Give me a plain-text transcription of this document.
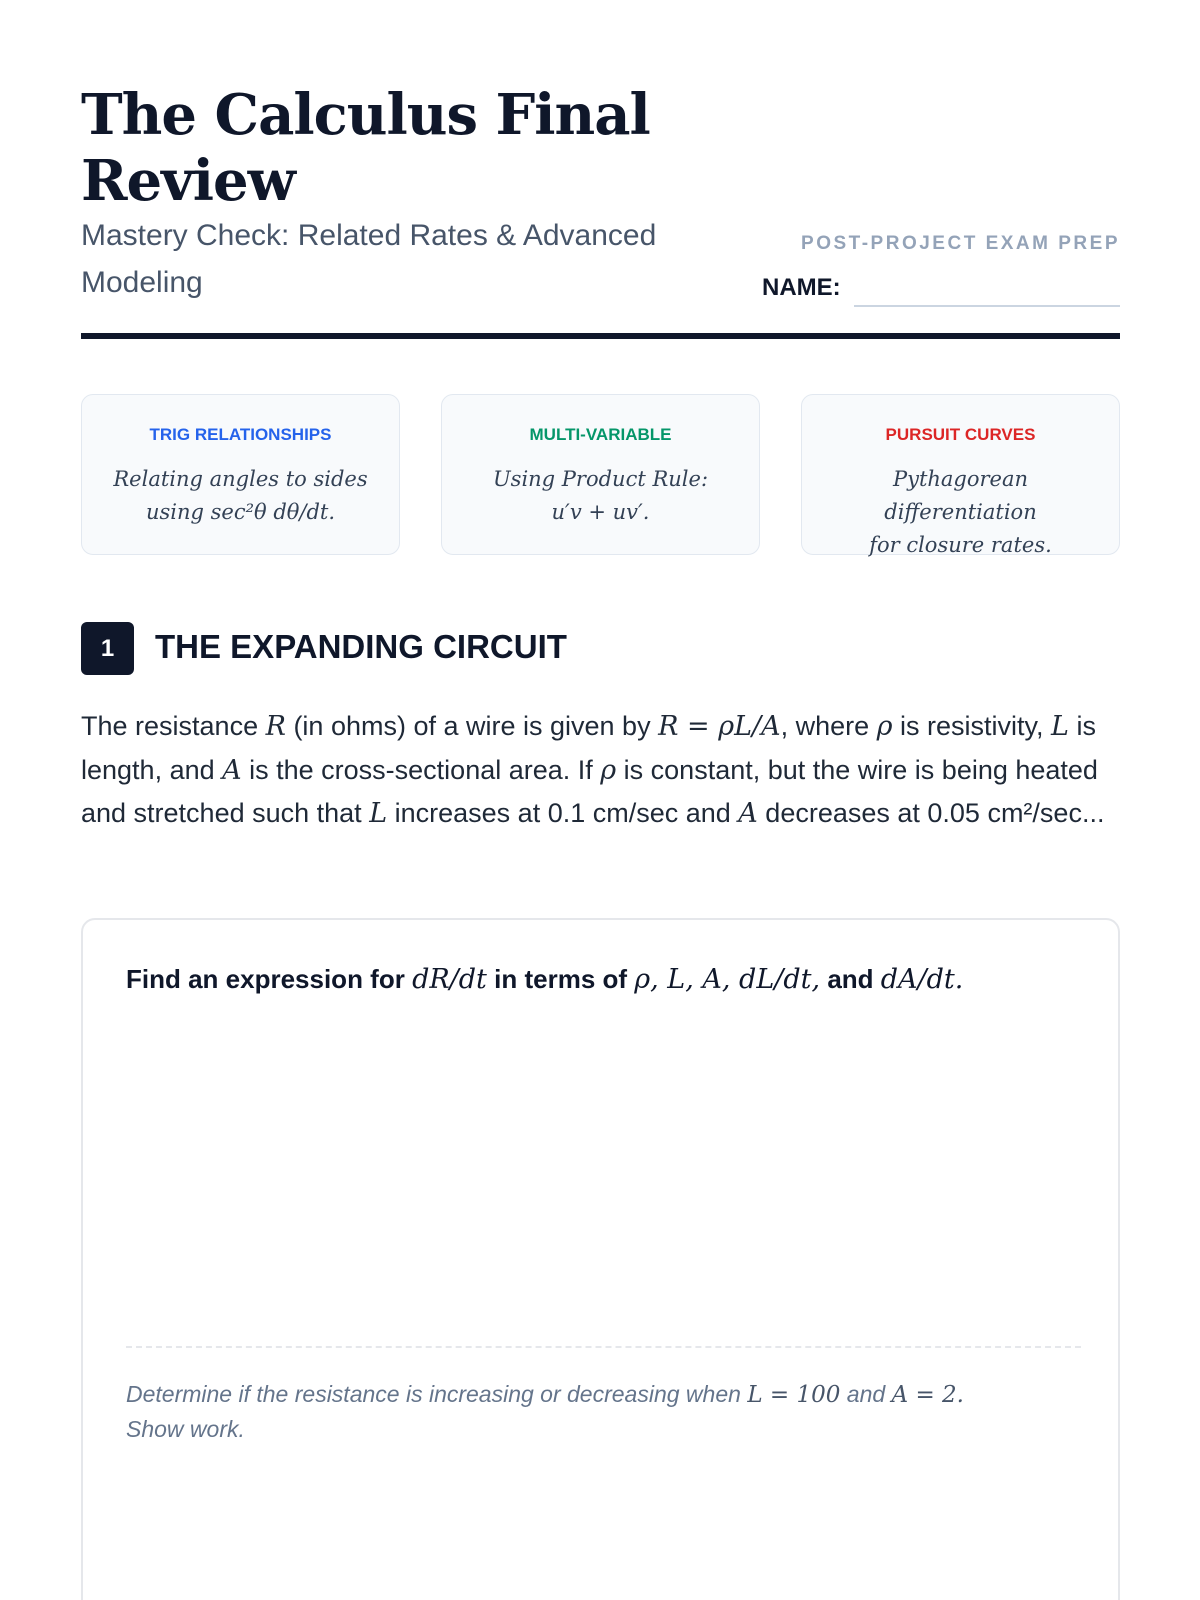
The Calculus Final Review
Mastery Check: Related Rates & Advanced Modeling
POST-PROJECT EXAM PREP
NAME:
TRIG RELATIONSHIPS
Relating angles to sides
using sec²θ dθ/dt.
MULTI-VARIABLE
Using Product Rule:
u′v + uv′.
PURSUIT CURVES
Pythagorean differentiation
for closure rates.
1	THE EXPANDING CIRCUIT
The resistance R (in ohms) of a wire is given by R = ρL/A, where ρ is resistivity, L is length, and A is the cross-sectional area. If ρ is constant, but the wire is being heated and stretched such that L increases at 0.1 cm/sec and A decreases at 0.05 cm²/sec...
Find an expression for dR/dt in terms of ρ, L, A, dL/dt, and dA/dt.
Determine if the resistance is increasing or decreasing when L = 100 and A = 2.
Show work.
